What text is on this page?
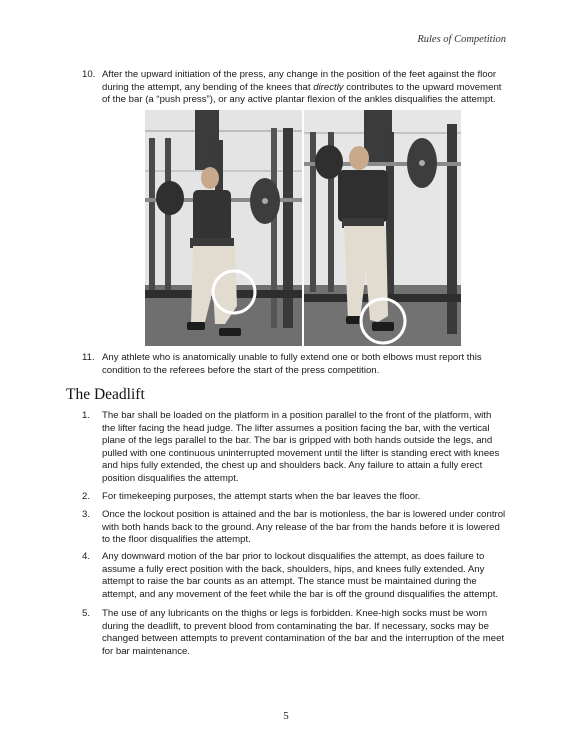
Rules of Competition
10. After the upward initiation of the press, any change in the position of the feet against the floor during the attempt, any bending of the knees that directly contributes to the upward movement of the bar (a “push press”), or any active plantar flexion of the ankles disqualifies the attempt.
11. Any athlete who is anatomically unable to fully extend one or both elbows must report this condition to the referees before the start of the press competition.
The Deadlift
1. The bar shall be loaded on the platform in a position parallel to the front of the platform, with the lifter facing the head judge. The lifter assumes a position facing the bar, with the vertical plane of the legs parallel to the bar. The bar is gripped with both hands outside the legs, and pulled with one continuous uninterrupted movement until the lifter is standing erect with knees and hips fully extended, the chest up and shoulders back. Any failure to attain a fully erect position disqualifies the attempt.
2. For timekeeping purposes, the attempt starts when the bar leaves the floor.
3. Once the lockout position is attained and the bar is motionless, the bar is lowered under control with both hands back to the ground. Any release of the bar from the hands before it is lowered to the floor disqualifies the attempt.
4. Any downward motion of the bar prior to lockout disqualifies the attempt, as does failure to assume a fully erect position with the back, shoulders, hips, and knees fully extended. Any attempt to raise the bar counts as an attempt. The stance must be maintained during the attempt, and any movement of the feet while the bar is off the ground disqualifies the attempt.
5. The use of any lubricants on the thighs or legs is forbidden. Knee-high socks must be worn during the deadlift, to prevent blood from contaminating the bar. If necessary, socks may be changed between attempts to prevent contamination of the bar and the interruption of the meet for bar maintenance.
5
